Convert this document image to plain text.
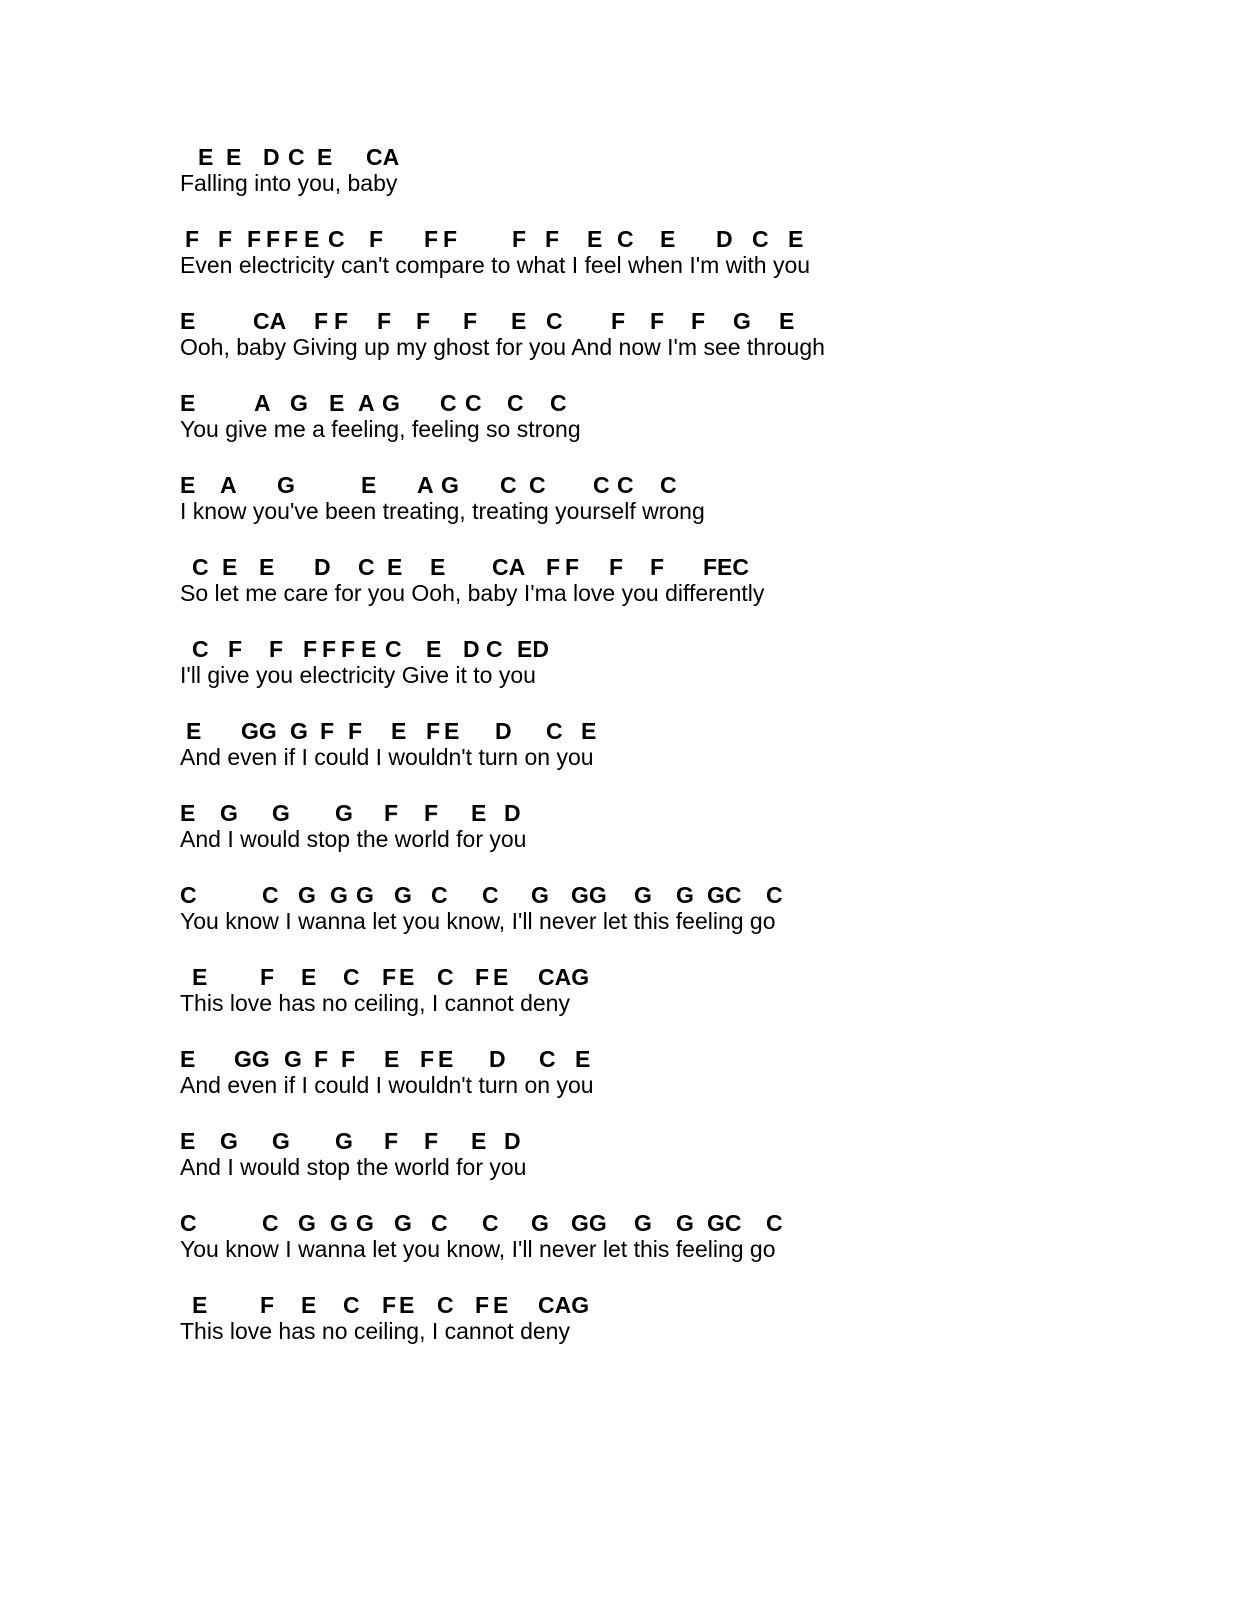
E E D C E CA
Falling into you, baby
F F F F F E C F F F F F E C E D C E
Even electricity can't compare to what I feel when I'm with you
E	CA F F F F F E C F F F G E
Ooh, baby Giving up my ghost for you And now I'm see through
E	A G E A G C C C C
You give me a feeling, feeling so strong
E A G	E A G C C C C C
I know you've been treating, treating yourself wrong
C E E D C E E CA F F F F FEC
So let me care for you Ooh, baby I'ma love you differently
C F F F F F E C E D C ED
I'll give you electricity Give it to you
E GG G F F E F E D C E
And even if I could I wouldn't turn on you
E G G G F F E D
And I would stop the world for you
C	C G G G G C C G GG G G GC C
You know I wanna let you know, I'll never let this feeling go
E F E C F E C F E CAG
This love has no ceiling, I cannot deny
E GG G F F E F E D C E
And even if I could I wouldn't turn on you
E G G G F F E D
And I would stop the world for you
C	C G G G G C C G GG G G GC C
You know I wanna let you know, I'll never let this feeling go
E F E C F E C F E CAG
This love has no ceiling, I cannot deny
